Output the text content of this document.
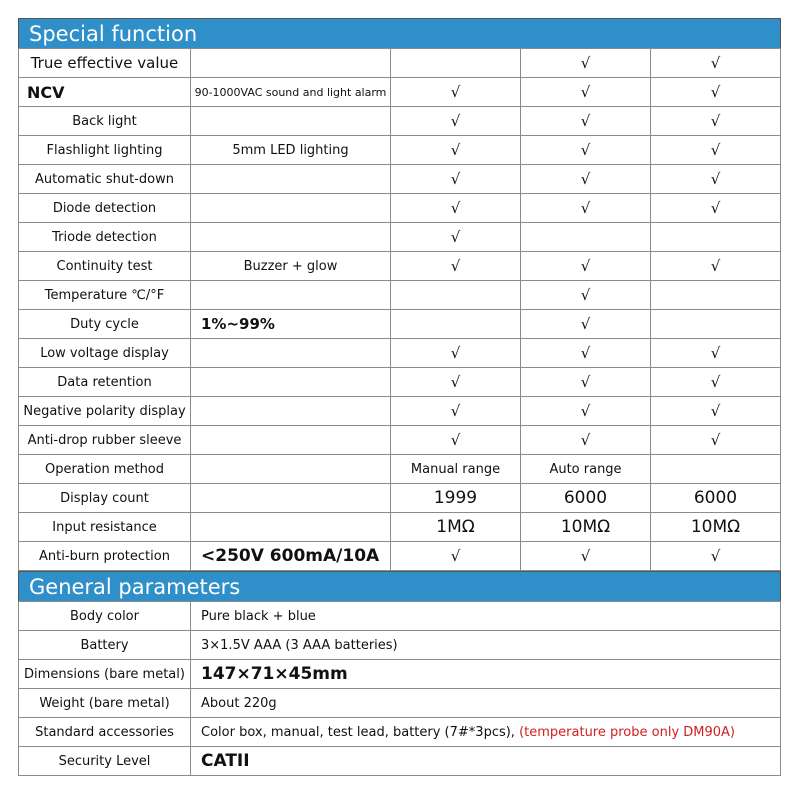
Special function
True effective value			√	√
NCV	90-1000VAC sound and light alarm	√	√	√
Back light		√	√	√
Flashlight lighting	5mm LED lighting	√	√	√
Automatic shut-down		√	√	√
Diode detection		√	√	√
Triode detection		√		
Continuity test	Buzzer + glow	√	√	√
Temperature ℃/°F			√	
Duty cycle	1%~99%		√	
Low voltage display		√	√	√
Data retention		√	√	√
Negative polarity display		√	√	√
Anti-drop rubber sleeve		√	√	√
Operation method		Manual range	Auto range	
Display count		1999	6000	6000
Input resistance		1MΩ	10MΩ	10MΩ
Anti-burn protection	<250V 600mA/10A	√	√	√
General parameters
Body color	Pure black + blue
Battery	3×1.5V AAA (3 AAA batteries)
Dimensions (bare metal)	147×71×45mm
Weight (bare metal)	About 220g
Standard accessories	Color box, manual, test lead, battery (7#*3pcs), (temperature probe only DM90A)
Security Level	CATII
